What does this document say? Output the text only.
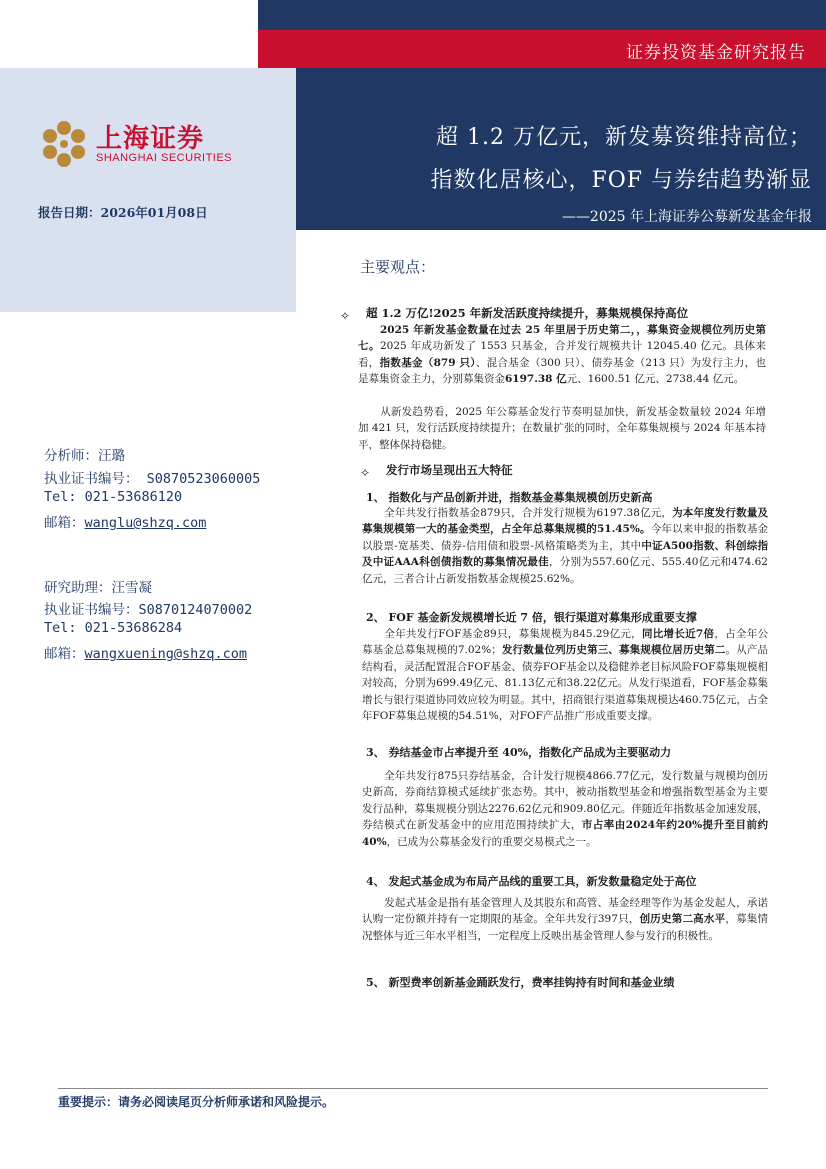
证券投资基金研究报告
上海证券
SHANGHAI SECURITIES
报告日期：2026年01月08日
超 1.2 万亿元，新发募资维持高位；
指数化居核心，FOF 与券结趋势渐显
——2025 年上海证券公募新发基金年报
分析师：汪璐
执业证书编号： S0870523060005
Tel: 021-53686120
邮箱：wanglu@shzq.com
研究助理：汪雪凝
执业证书编号：S0870124070002
Tel: 021-53686284
邮箱：wangxuening@shzq.com
主要观点：
✧ 超 1.2 万亿!2025 年新发活跃度持续提升，募集规模保持高位
2025 年新发基金数量在过去 25 年里居于历史第二，，募集资金规模位列历史第七。2025 年成功新发了 1553 只基金，合并发行规模共计 12045.40 亿元。具体来看，指数基金（879 只）、混合基金（300 只）、债券基金（213 只）为发行主力，也是募集资金主力，分别募集资金6197.38 亿元、1600.51 亿元、2738.44 亿元。
从新发趋势看，2025 年公募基金发行节奏明显加快，新发基金数量较 2024 年增加 421 只，发行活跃度持续提升；在数量扩张的同时，全年募集规模与 2024 年基本持平，整体保持稳健。
✧ 发行市场呈现出五大特征
1、 指数化与产品创新并进，指数基金募集规模创历史新高
全年共发行指数基金879只，合并发行规模为6197.38亿元，为本年度发行数量及募集规模第一大的基金类型，占全年总募集规模的51.45%。今年以来申报的指数基金以股票-宽基类、债券-信用债和股票-风格策略类为主，其中中证A500指数、科创综指及中证AAA科创债指数的募集情况最佳，分别为557.60亿元、555.40亿元和474.62亿元，三者合计占新发指数基金规模25.62%。
2、 FOF 基金新发规模增长近 7 倍，银行渠道对募集形成重要支撑
全年共发行FOF基金89只，募集规模为845.29亿元，同比增长近7倍，占全年公募基金总募集规模的7.02%；发行数量位列历史第三、募集规模位居历史第二。从产品结构看，灵活配置混合FOF基金、债券FOF基金以及稳健养老目标风险FOF募集规模相对较高，分别为699.49亿元、81.13亿元和38.22亿元。从发行渠道看，FOF基金募集增长与银行渠道协同效应较为明显。其中，招商银行渠道募集规模达460.75亿元，占全年FOF募集总规模的54.51%，对FOF产品推广形成重要支撑。
3、 券结基金市占率提升至 40%，指数化产品成为主要驱动力
全年共发行875只券结基金，合计发行规模4866.77亿元，发行数量与规模均创历史新高，券商结算模式延续扩张态势。其中，被动指数型基金和增强指数型基金为主要发行品种，募集规模分别达2276.62亿元和909.80亿元。伴随近年指数基金加速发展，券结模式在新发基金中的应用范围持续扩大，市占率由2024年约20%提升至目前约40%，已成为公募基金发行的重要交易模式之一。
4、 发起式基金成为布局产品线的重要工具，新发数量稳定处于高位
发起式基金是指有基金管理人及其股东和高管、基金经理等作为基金发起人，承诺认购一定份额并持有一定期限的基金。全年共发行397只，创历史第二高水平，募集情况整体与近三年水平相当，一定程度上反映出基金管理人参与发行的积极性。
5、 新型费率创新基金踊跃发行，费率挂钩持有时间和基金业绩
重要提示：请务必阅读尾页分析师承诺和风险提示。
